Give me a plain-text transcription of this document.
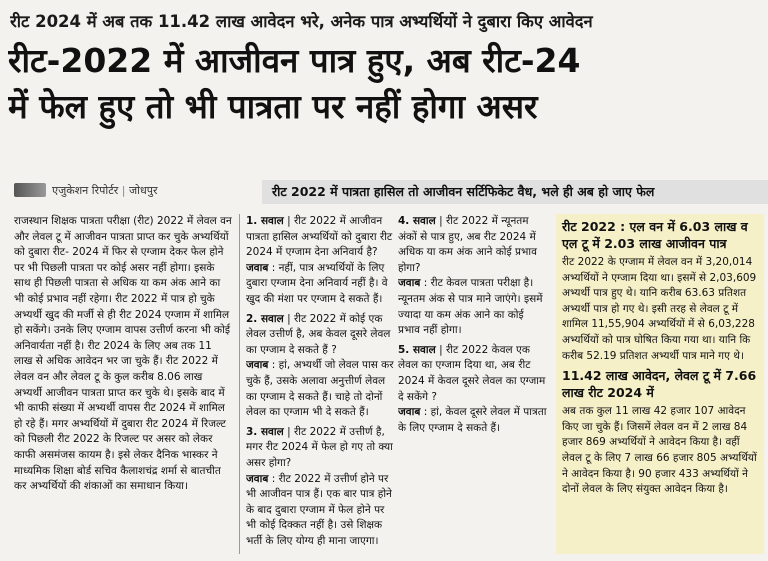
रीट 2024 में अब तक 11.42 लाख आवेदन भरे, अनेक पात्र अभ्यर्थियों ने दुबारा किए आवेदन
रीट-2022 में आजीवन पात्र हुए, अब रीट-24
में फेल हुए तो भी पात्रता पर नहीं होगा असर
एजुकेशन रिपोर्टर | जोधपुर	रीट 2022 में पात्रता हासिल तो आजीवन सर्टिफिकेट वैध, भले ही अब हो जाए फेल
राजस्थान शिक्षक पात्रता परीक्षा (रीट) 2022 में लेवल वन और लेवल टू में आजीवन पात्रता प्राप्त कर चुके अभ्यर्थियों को दुबारा रीट- 2024 में फिर से एग्जाम देकर फेल होने पर भी पिछली पात्रता पर कोई असर नहीं होगा। इसके साथ ही पिछली पात्रता से अधिक या कम अंक आने का भी कोई प्रभाव नहीं रहेगा। रीट 2022 में पात्र हो चुके अभ्यर्थी खुद की मर्जी से ही रीट 2024 एग्जाम में शामिल हो सकेंगे। उनके लिए एग्जाम वापस उत्तीर्ण करना भी कोई अनिवार्यता नहीं है। रीट 2024 के लिए अब तक 11 लाख से अधिक आवेदन भर जा चुके हैं। रीट 2022 में लेवल वन और लेवल टू के कुल करीब 8.06 लाख अभ्यर्थी आजीवन पात्रता प्राप्त कर चुके थे। इसके बाद में भी काफी संख्या में अभ्यर्थी वापस रीट 2024 में शामिल हो रहे हैं। मगर अभ्यर्थियों में दुबारा रीट 2024 में रिजल्ट को पिछली रीट 2022 के रिजल्ट पर असर को लेकर काफी असमंजस कायम है। इसे लेकर दैनिक भास्कर ने माध्यमिक शिक्षा बोर्ड सचिव कैलाशचंद्र शर्मा से बातचीत कर अभ्यर्थियों की शंकाओं का समाधान किया।

1. सवाल | रीट 2022 में आजीवन पात्रता हासिल अभ्यर्थियों को दुबारा रीट 2024 में एग्जाम देना अनिवार्य है?
जवाब : नहीं, पात्र अभ्यर्थियों के लिए दुबारा एग्जाम देना अनिवार्य नहीं है। वे खुद की मंशा पर एग्जाम दे सकते हैं।

2. सवाल | रीट 2022 में कोई एक लेवल उत्तीर्ण है, अब केवल दूसरे लेवल का एग्जाम दे सकते हैं ?
जवाब : हां, अभ्यर्थी जो लेवल पास कर चुके हैं, उसके अलावा अनुत्तीर्ण लेवल का एग्जाम दे सकते हैं। चाहे तो दोनों लेवल का एग्जाम भी दे सकते हैं।

3. सवाल | रीट 2022 में उत्तीर्ण है, मगर रीट 2024 में फेल हो गए तो क्या असर होगा?
जवाब : रीट 2022 में उत्तीर्ण होने पर भी आजीवन पात्र हैं। एक बार पात्र होने के बाद दुबारा एग्जाम में फेल होने पर भी कोई दिक्कत नहीं है। उसे शिक्षक भर्ती के लिए योग्य ही माना जाएगा।

4. सवाल | रीट 2022 में न्यूनतम अंकों से पात्र हुए, अब रीट 2024 में अधिक या कम अंक आने कोई प्रभाव होगा?
जवाब : रीट केवल पात्रता परीक्षा है। न्यूनतम अंक से पात्र माने जाएंगे। इसमें ज्यादा या कम अंक आने का कोई प्रभाव नहीं होगा।

5. सवाल | रीट 2022 केवल एक लेवल का एग्जाम दिया था, अब रीट 2024 में केवल दूसरे लेवल का एग्जाम दे सकेंगे ?
जवाब : हां, केवल दूसरे लेवल में पात्रता के लिए एग्जाम दे सकते हैं।

रीट 2022 : एल वन में 6.03 लाख व एल टू में 2.03 लाख आजीवन पात्र

रीट 2022 के एग्जाम में लेवल वन में 3,20,014 अभ्यर्थियों ने एग्जाम दिया था। इसमें से 2,03,609 अभ्यर्थी पात्र हुए थे। यानि करीब 63.63 प्रतिशत अभ्यर्थी पात्र हो गए थे। इसी तरह से लेवल टू में शामिल 11,55,904 अभ्यर्थियों में से 6,03,228 अभ्यर्थियों को पात्र घोषित किया गया था। यानि कि करीब 52.19 प्रतिशत अभ्यर्थी पात्र माने गए थे।

11.42 लाख आवेदन, लेवल टू में 7.66 लाख रीट 2024 में

अब तक कुल 11 लाख 42 हजार 107 आवेदन किए जा चुके हैं। जिसमें लेवल वन में 2 लाख 84 हजार 869 अभ्यर्थियों ने आवेदन किया है। वहीं लेवल टू के लिए 7 लाख 66 हजार 805 अभ्यर्थियों ने आवेदन किया है। 90 हजार 433 अभ्यर्थियों ने दोनों लेवल के लिए संयुक्त आवेदन किया है।
